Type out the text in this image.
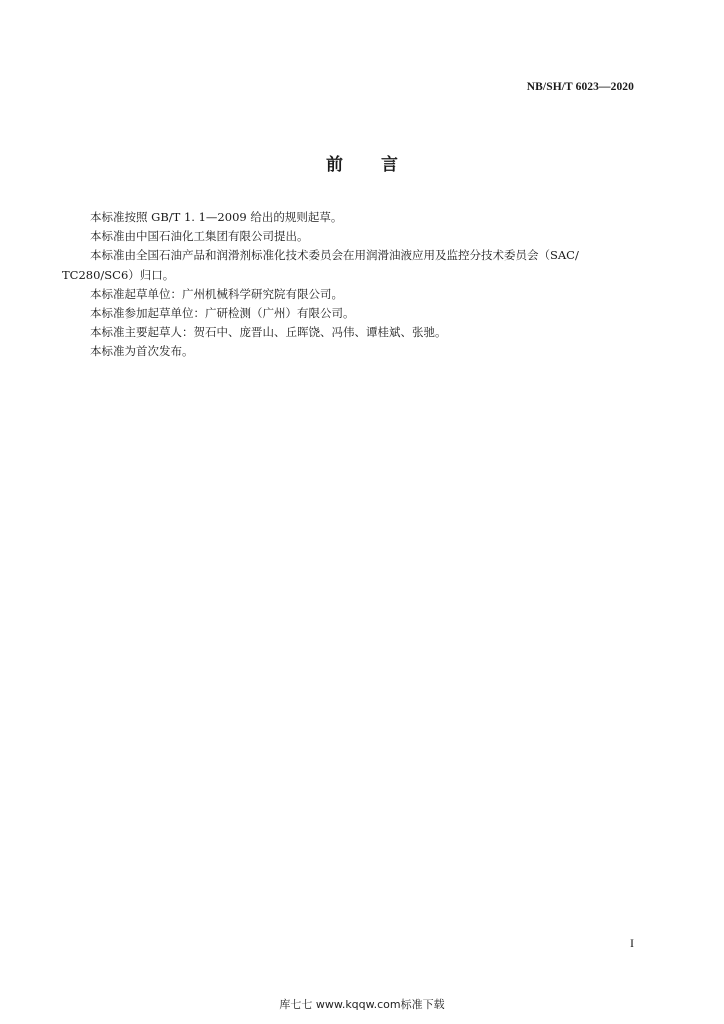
NB/SH/T 6023—2020
前言

本标准按照 GB/T 1. 1—2009 给出的规则起草。

本标准由中国石油化工集团有限公司提出。

本标准由全国石油产品和润滑剂标准化技术委员会在用润滑油液应用及监控分技术委员会（SAC/
TC280/SC6）归口。

本标准起草单位：广州机械科学研究院有限公司。

本标准参加起草单位：广研检测（广州）有限公司。

本标准主要起草人：贺石中、庞晋山、丘晖饶、冯伟、谭桂斌、张驰。

本标准为首次发布。

I
库七七 www.kqqw.com标准下载
